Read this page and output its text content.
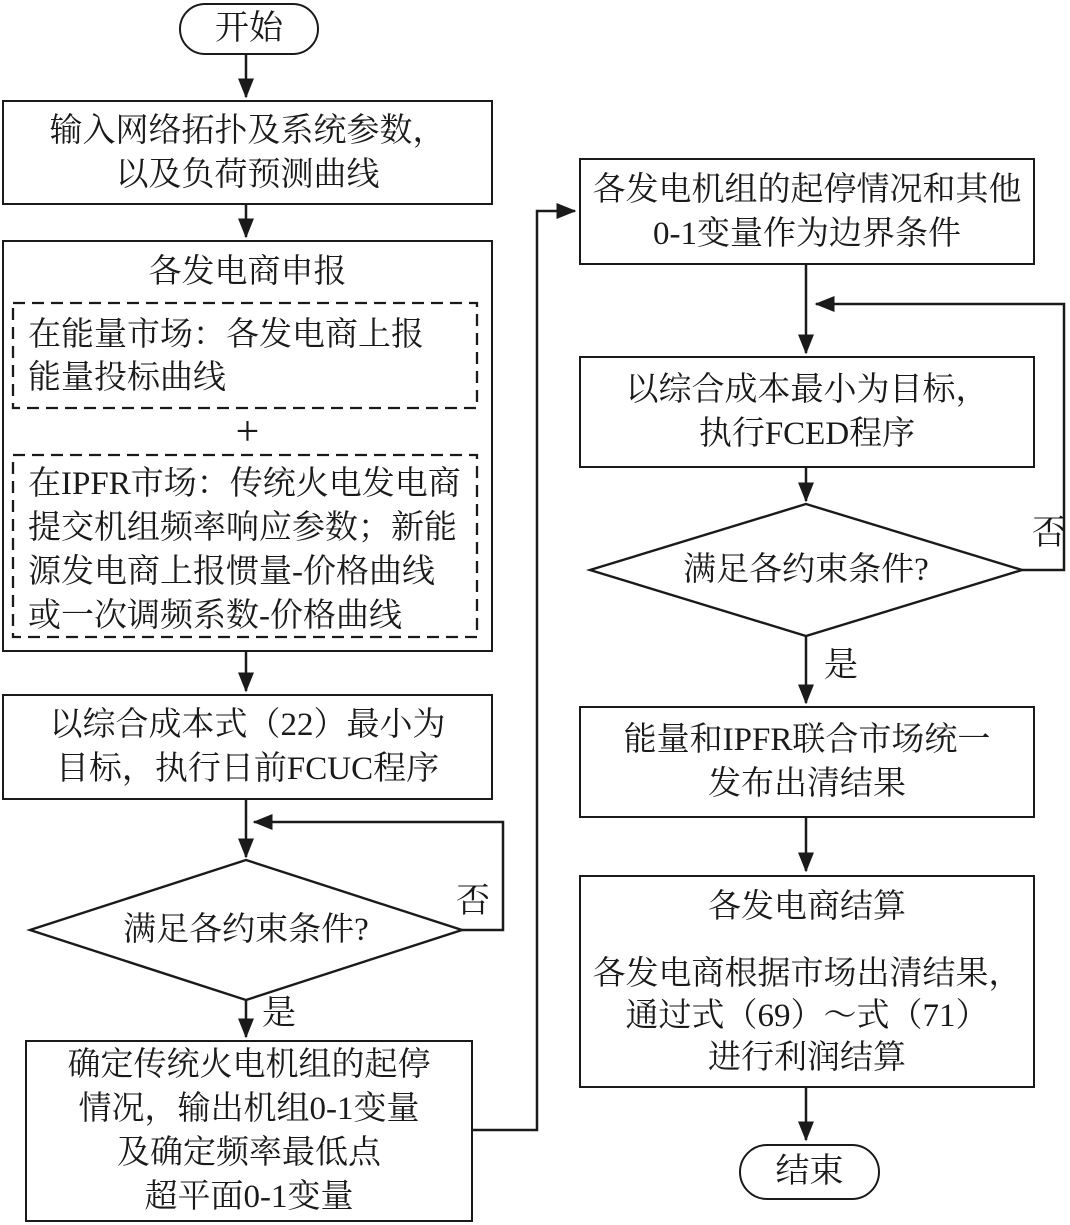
开始
输入网络拓扑及系统参数，
以及负荷预测曲线
各发电商申报
在能量市场：各发电商上报
能量投标曲线
+
在IPFR市场：传统火电发电商
提交机组频率响应参数；新能
源发电商上报惯量-价格曲线
或一次调频系数-价格曲线
以综合成本式（22）最小为
目标，执行日前FCUC程序
满足各约束条件?
否
是
确定传统火电机组的起停
情况，输出机组0-1变量
及确定频率最低点
超平面0-1变量
各发电机组的起停情况和其他
0-1变量作为边界条件
以综合成本最小为目标，
执行FCED程序
满足各约束条件?
否
是
能量和IPFR联合市场统一
发布出清结果
各发电商结算
各发电商根据市场出清结果，
通过式（69）～式（71）
进行利润结算
结束
